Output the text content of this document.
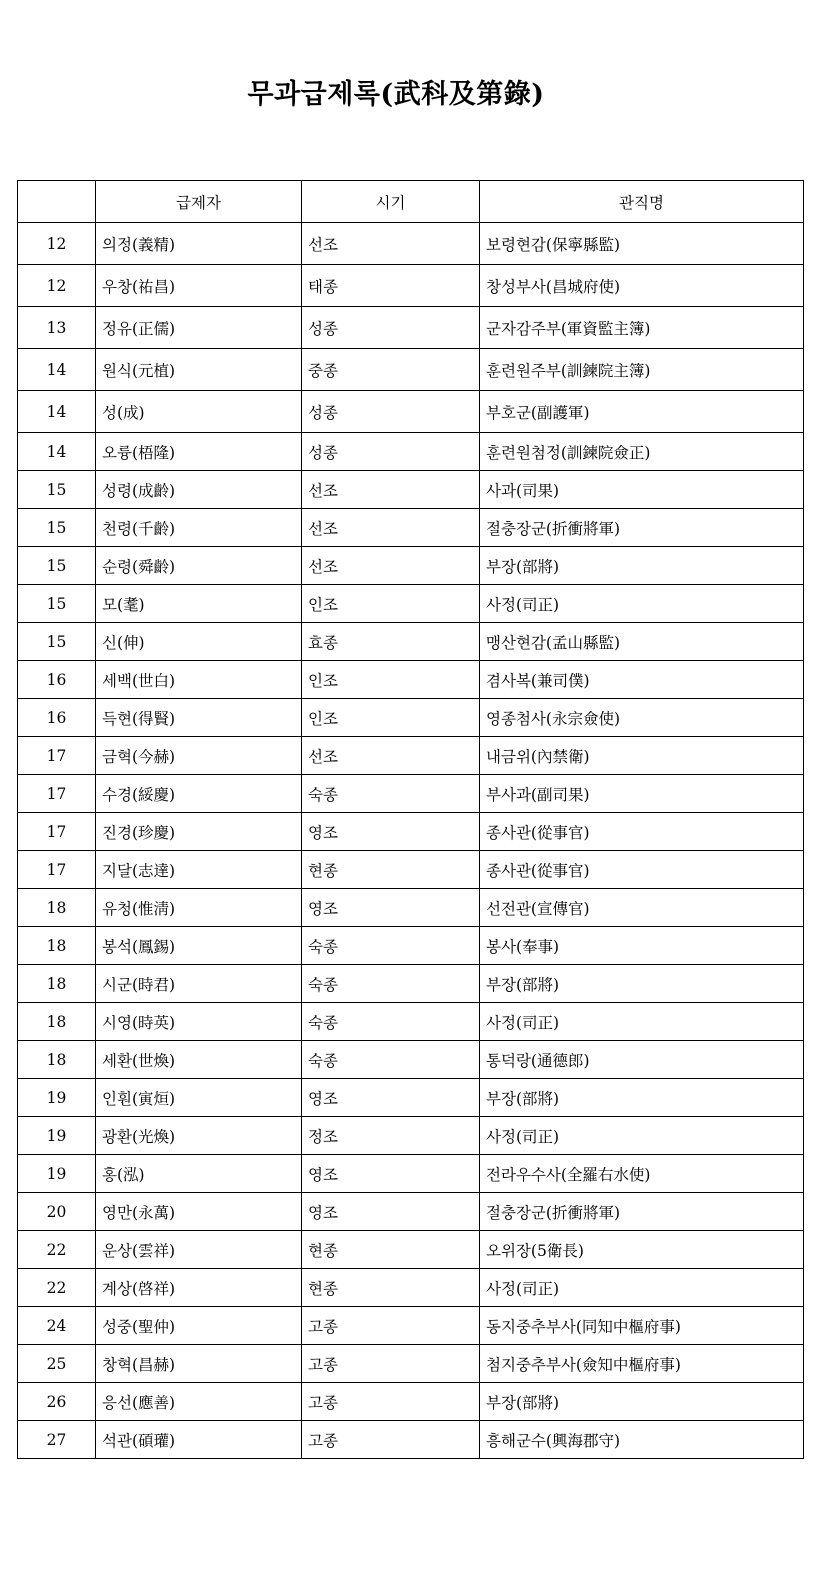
무과급제록(武科及第錄)
	급제자	시기	관직명
12	의정(義精)	선조	보령현감(保寧縣監)
12	우창(祐昌)	태종	창성부사(昌城府使)
13	정유(正儒)	성종	군자감주부(軍資監主簿)
14	원식(元植)	중종	훈련원주부(訓鍊院主簿)
14	성(成)	성종	부호군(副護軍)
14	오륭(梧隆)	성종	훈련원첨정(訓鍊院僉正)
15	성령(成齡)	선조	사과(司果)
15	천령(千齡)	선조	절충장군(折衝將軍)
15	순령(舜齡)	선조	부장(部將)
15	모(耄)	인조	사정(司正)
15	신(伸)	효종	맹산현감(孟山縣監)
16	세백(世白)	인조	겸사복(兼司僕)
16	득현(得賢)	인조	영종첨사(永宗僉使)
17	금혁(今赫)	선조	내금위(內禁衛)
17	수경(綏慶)	숙종	부사과(副司果)
17	진경(珍慶)	영조	종사관(從事官)
17	지달(志達)	현종	종사관(從事官)
18	유청(惟淸)	영조	선전관(宣傳官)
18	봉석(鳳錫)	숙종	봉사(奉事)
18	시군(時君)	숙종	부장(部將)
18	시영(時英)	숙종	사정(司正)
18	세환(世煥)	숙종	통덕랑(通德郎)
19	인훤(寅烜)	영조	부장(部將)
19	광환(光煥)	정조	사정(司正)
19	홍(泓)	영조	전라우수사(全羅右水使)
20	영만(永萬)	영조	절충장군(折衝將軍)
22	운상(雲祥)	현종	오위장(5衛長)
22	계상(啓祥)	현종	사정(司正)
24	성중(聖仲)	고종	동지중추부사(同知中樞府事)
25	창혁(昌赫)	고종	첨지중추부사(僉知中樞府事)
26	응선(應善)	고종	부장(部將)
27	석관(碩瓘)	고종	흥해군수(興海郡守)
